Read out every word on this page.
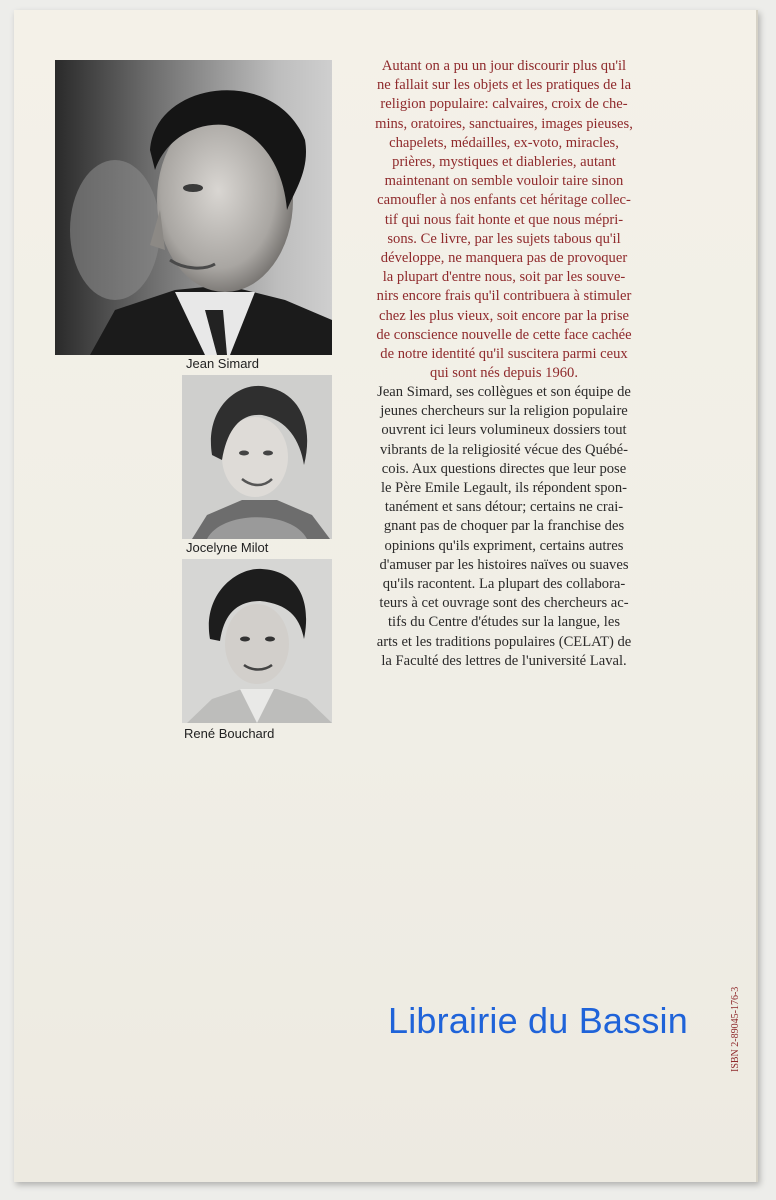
Jean Simard
Jocelyne Milot
René Bouchard
Autant on a pu un jour discourir plus qu'il
ne fallait sur les objets et les pratiques de la
religion populaire: calvaires, croix de che-
mins, oratoires, sanctuaires, images pieuses,
chapelets, médailles, ex-voto, miracles,
prières, mystiques et diableries, autant
maintenant on semble vouloir taire sinon
camoufler à nos enfants cet héritage collec-
tif qui nous fait honte et que nous mépri-
sons. Ce livre, par les sujets tabous qu'il
développe, ne manquera pas de provoquer
la plupart d'entre nous, soit par les souve-
nirs encore frais qu'il contribuera à stimuler
chez les plus vieux, soit encore par la prise
de conscience nouvelle de cette face cachée
de notre identité qu'il suscitera parmi ceux
qui sont nés depuis 1960.
Jean Simard, ses collègues et son équipe de
jeunes chercheurs sur la religion populaire
ouvrent ici leurs volumineux dossiers tout
vibrants de la religiosité vécue des Québé-
cois. Aux questions directes que leur pose
le Père Emile Legault, ils répondent spon-
tanément et sans détour; certains ne crai-
gnant pas de choquer par la franchise des
opinions qu'ils expriment, certains autres
d'amuser par les histoires naïves ou suaves
qu'ils racontent. La plupart des collabora-
teurs à cet ouvrage sont des chercheurs ac-
tifs du Centre d'études sur la langue, les
arts et les traditions populaires (CELAT) de
la Faculté des lettres de l'université Laval.
ISBN 2-89045-176-3
Librairie du Bassin
